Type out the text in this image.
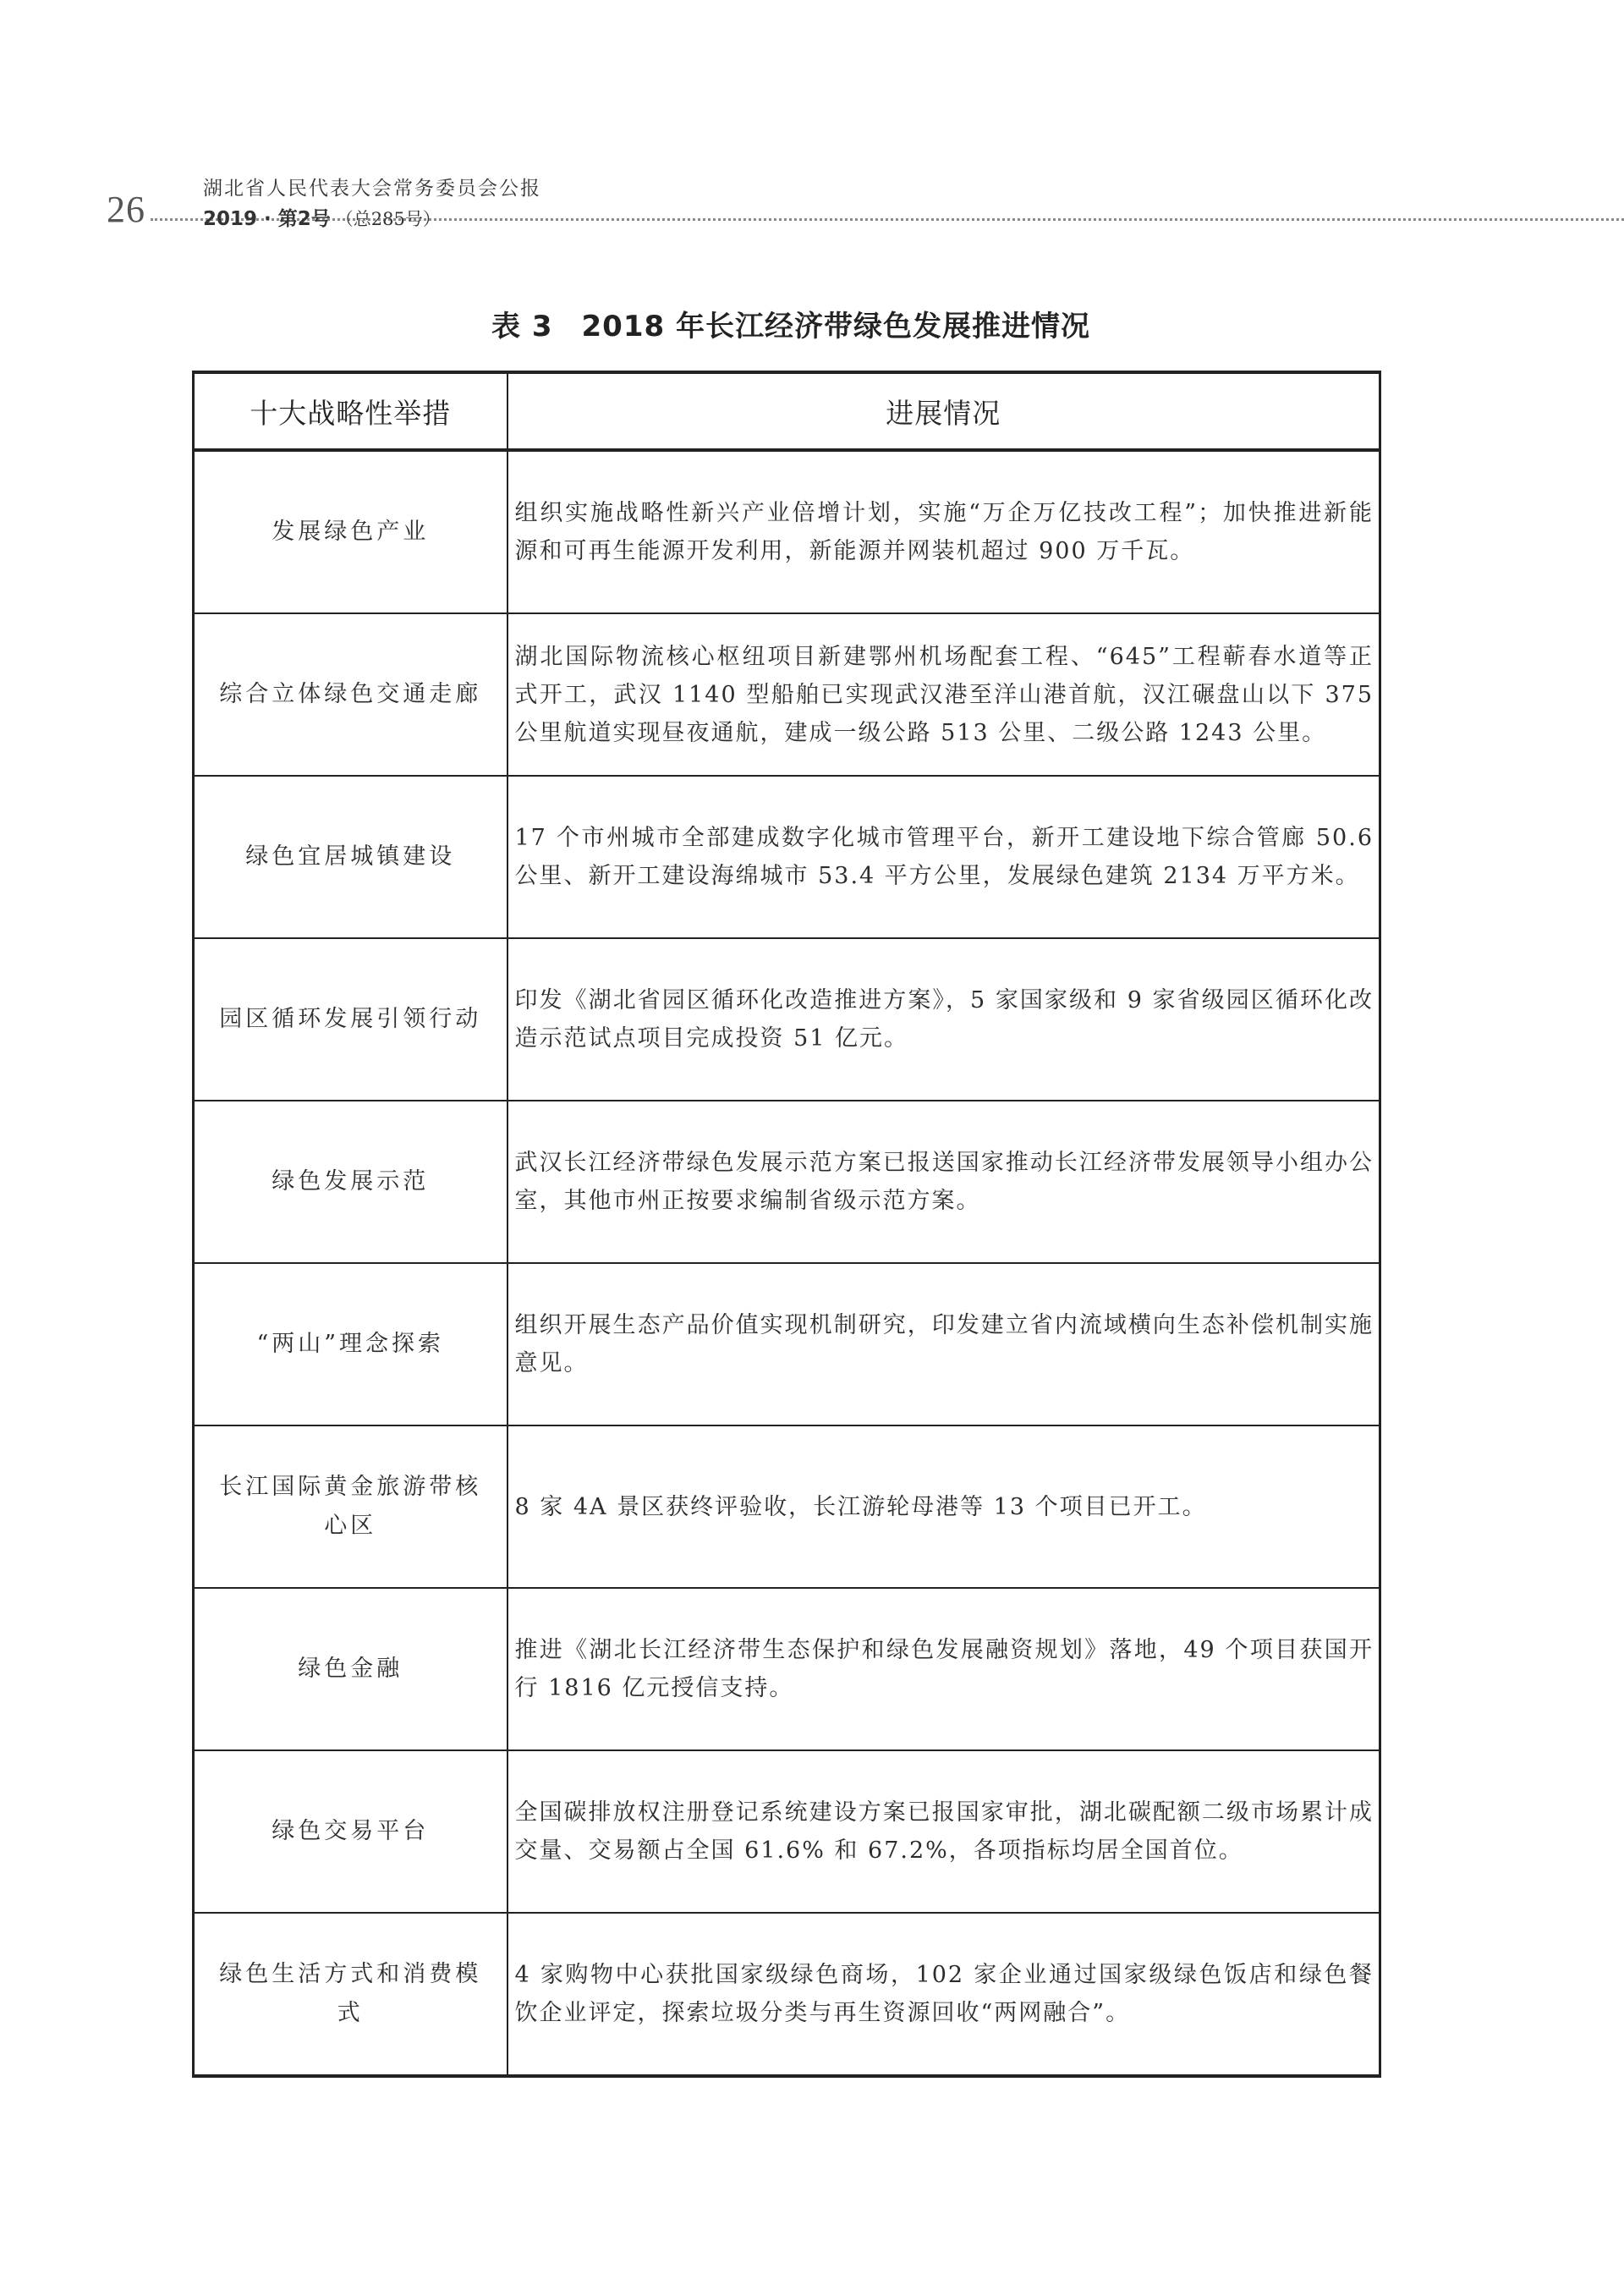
26	湖北省人民代表大会常务委员会公报
2019 · 第2号 （总285号）
表 3 2018 年长江经济带绿色发展推进情况
十大战略性举措	进展情况
发展绿色产业	组织实施战略性新兴产业倍增计划，实施“万企万亿技改工程”；加快推进新能源和可再生能源开发利用，新能源并网装机超过 900 万千瓦。
综合立体绿色交通走廊	湖北国际物流核心枢纽项目新建鄂州机场配套工程、“645”工程蕲春水道等正式开工，武汉 1140 型船舶已实现武汉港至洋山港首航，汉江碾盘山以下 375 公里航道实现昼夜通航，建成一级公路 513 公里、二级公路 1243 公里。
绿色宜居城镇建设	17 个市州城市全部建成数字化城市管理平台，新开工建设地下综合管廊 50.6 公里、新开工建设海绵城市 53.4 平方公里，发展绿色建筑 2134 万平方米。
园区循环发展引领行动	印发《湖北省园区循环化改造推进方案》，5 家国家级和 9 家省级园区循环化改造示范试点项目完成投资 51 亿元。
绿色发展示范	武汉长江经济带绿色发展示范方案已报送国家推动长江经济带发展领导小组办公室，其他市州正按要求编制省级示范方案。
“两山”理念探索	组织开展生态产品价值实现机制研究，印发建立省内流域横向生态补偿机制实施意见。
长江国际黄金旅游带核心区	8 家 4A 景区获终评验收，长江游轮母港等 13 个项目已开工。
绿色金融	推进《湖北长江经济带生态保护和绿色发展融资规划》落地，49 个项目获国开行 1816 亿元授信支持。
绿色交易平台	全国碳排放权注册登记系统建设方案已报国家审批，湖北碳配额二级市场累计成交量、交易额占全国 61.6% 和 67.2%，各项指标均居全国首位。
绿色生活方式和消费模式	4 家购物中心获批国家级绿色商场，102 家企业通过国家级绿色饭店和绿色餐饮企业评定，探索垃圾分类与再生资源回收“两网融合”。
